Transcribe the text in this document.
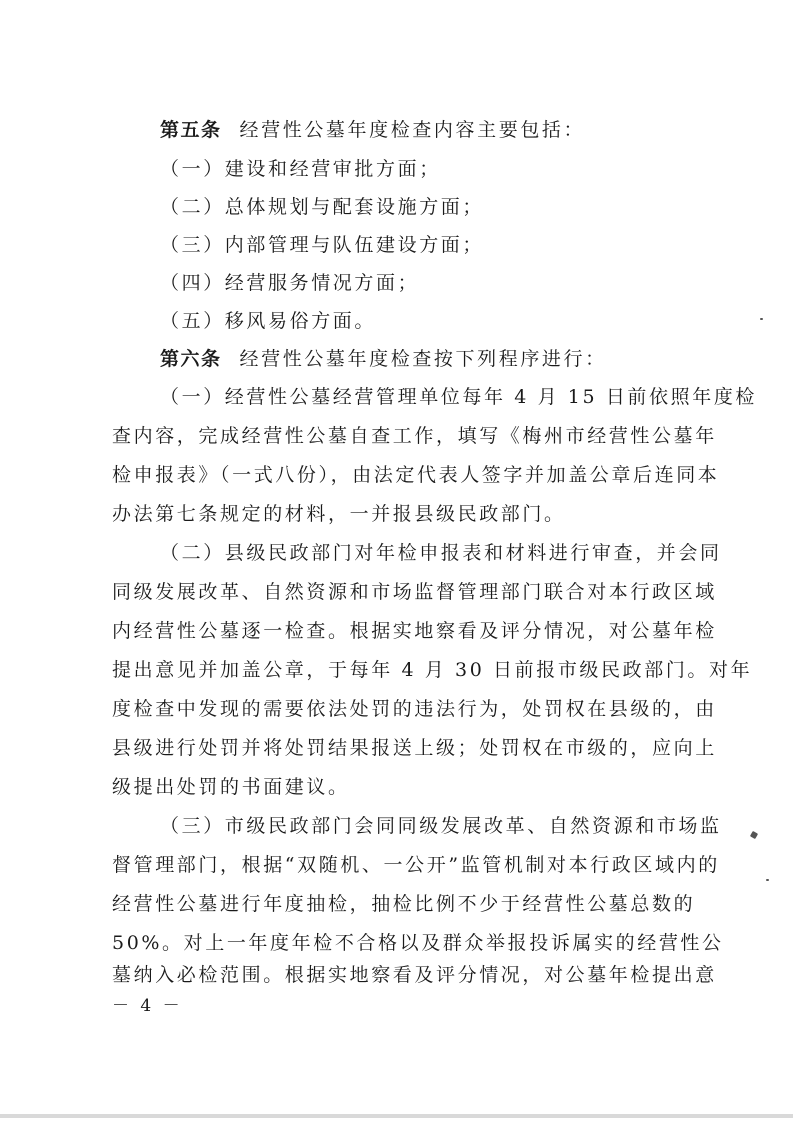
第五条 经营性公墓年度检查内容主要包括：
（一）建设和经营审批方面；
（二）总体规划与配套设施方面；
（三）内部管理与队伍建设方面；
（四）经营服务情况方面；
（五）移风易俗方面。
第六条 经营性公墓年度检查按下列程序进行：
（一）经营性公墓经营管理单位每年 4 月 15 日前依照年度检
查内容，完成经营性公墓自查工作，填写《梅州市经营性公墓年
检申报表》（一式八份），由法定代表人签字并加盖公章后连同本
办法第七条规定的材料，一并报县级民政部门。
（二）县级民政部门对年检申报表和材料进行审查，并会同
同级发展改革、自然资源和市场监督管理部门联合对本行政区域
内经营性公墓逐一检查。根据实地察看及评分情况，对公墓年检
提出意见并加盖公章，于每年 4 月 30 日前报市级民政部门。对年
度检查中发现的需要依法处罚的违法行为，处罚权在县级的，由
县级进行处罚并将处罚结果报送上级；处罚权在市级的，应向上
级提出处罚的书面建议。
（三）市级民政部门会同同级发展改革、自然资源和市场监
督管理部门，根据“双随机、一公开”监管机制对本行政区域内的
经营性公墓进行年度抽检，抽检比例不少于经营性公墓总数的
50%。对上一年度年检不合格以及群众举报投诉属实的经营性公
墓纳入必检范围。根据实地察看及评分情况，对公墓年检提出意
－ 4 －
